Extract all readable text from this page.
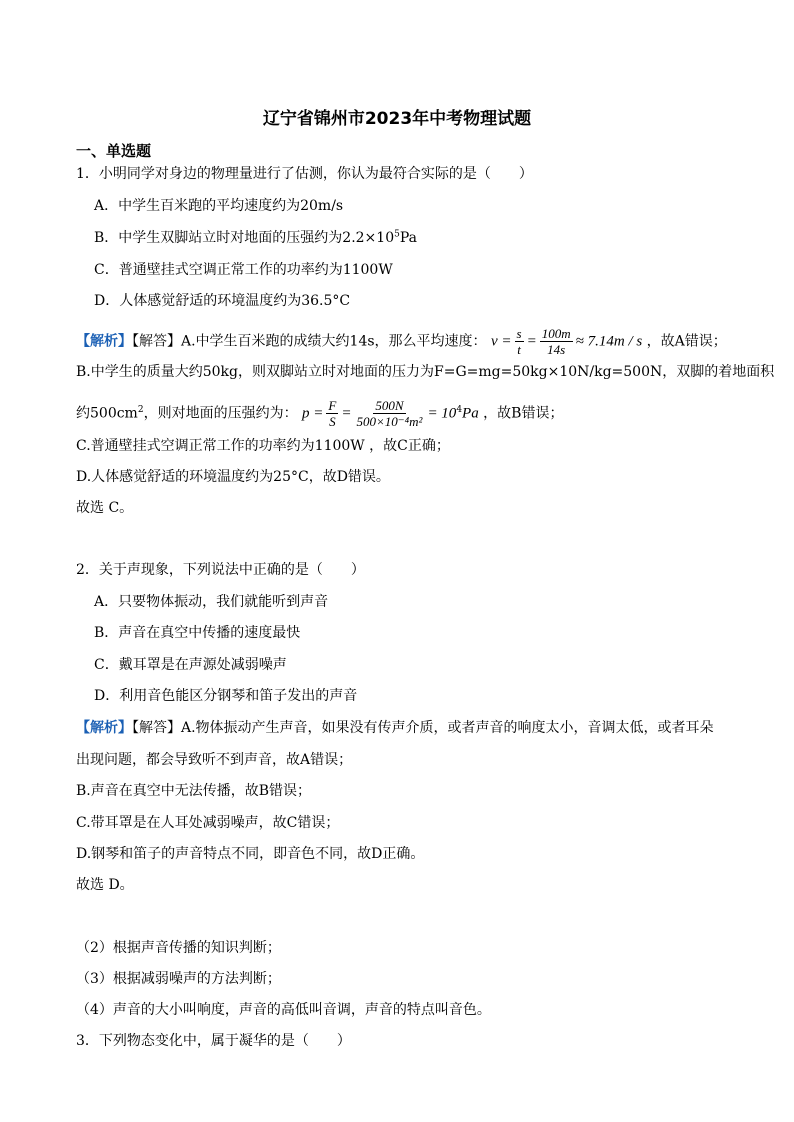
辽宁省锦州市2023年中考物理试题
一、单选题
1．小明同学对身边的物理量进行了估测，你认为最符合实际的是（　　）
A．中学生百米跑的平均速度约为20m/s
B．中学生双脚站立时对地面的压强约为$2.2\times 10^5Pa$
C．普通壁挂式空调正常工作的功率约为1100W
D．人体感觉舒适的环境温度约为36.5°C
【解析】【解答】A.中学生百米跑的成绩大约14s，那么平均速度： $v = \frac{s}{t} = \frac{100m}{14s} \approx 7.14m / s$ ，故A错误；
B.中学生的质量大约50kg，则双脚站立时对地面的压力为F=G=mg=50kg×10N/kg=500N，双脚的着地面积
约$500cm^2$，则对地面的压强约为： $p = \frac{F}{S} = \frac{500N}{\text{500×10⁻⁴m²}} = 10^4Pa$ ，故B错误；
C.普通壁挂式空调正常工作的功率约为1100W ，故C正确；
D.人体感觉舒适的环境温度约为25°C，故D错误。
故选 C。
2．关于声现象，下列说法中正确的是（　　）
A．只要物体振动，我们就能听到声音
B．声音在真空中传播的速度最快
C．戴耳罩是在声源处减弱噪声
D．利用音色能区分钢琴和笛子发出的声音
【解析】【解答】A.物体振动产生声音，如果没有传声介质，或者声音的响度太小，音调太低，或者耳朵
出现问题，都会导致听不到声音，故A错误；
B.声音在真空中无法传播，故B错误；
C.带耳罩是在人耳处减弱噪声，故C错误；
D.钢琴和笛子的声音特点不同，即音色不同，故D正确。
故选 D。
（2）根据声音传播的知识判断；
（3）根据减弱噪声的方法判断；
（4）声音的大小叫响度，声音的高低叫音调，声音的特点叫音色。
3．下列物态变化中，属于凝华的是（　　）
